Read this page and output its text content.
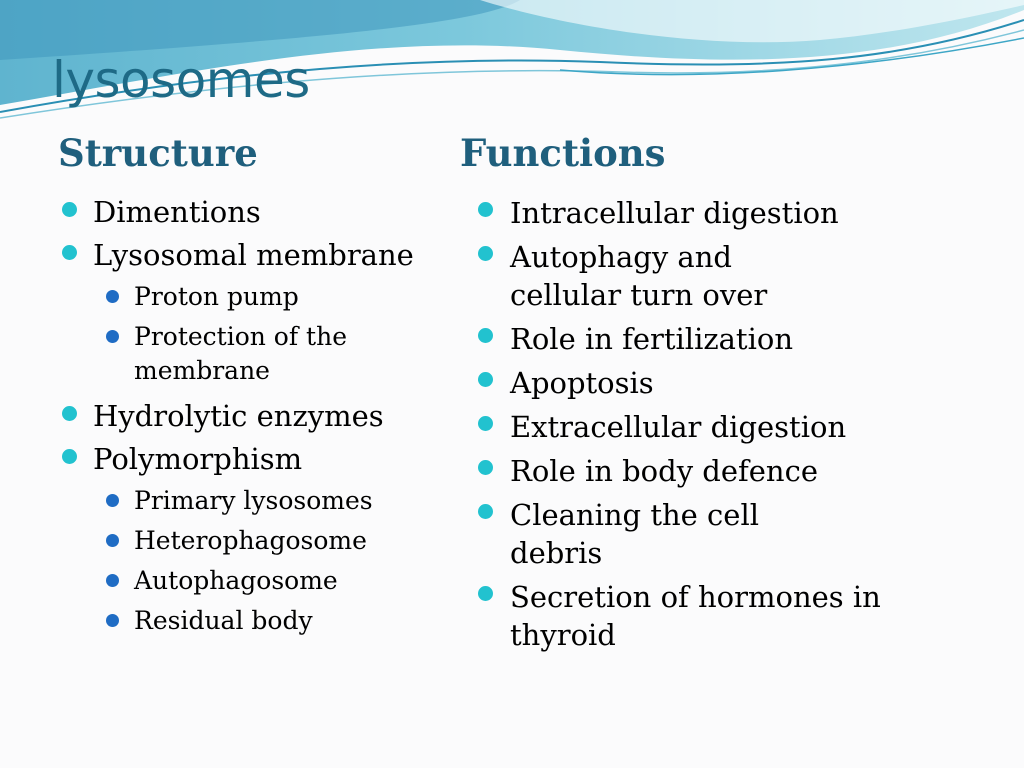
lysosomes
Structure	Functions
Dimentions
Lysosomal membrane
Proton pump
Protection of the membrane
Hydrolytic enzymes
Polymorphism
Primary lysosomes
Heterophagosome
Autophagosome
Residual body
Intracellular digestion
Autophagy and cellular turn over
Role in fertilization
Apoptosis
Extracellular digestion
Role in body defence
Cleaning the cell debris
Secretion of hormones in thyroid
